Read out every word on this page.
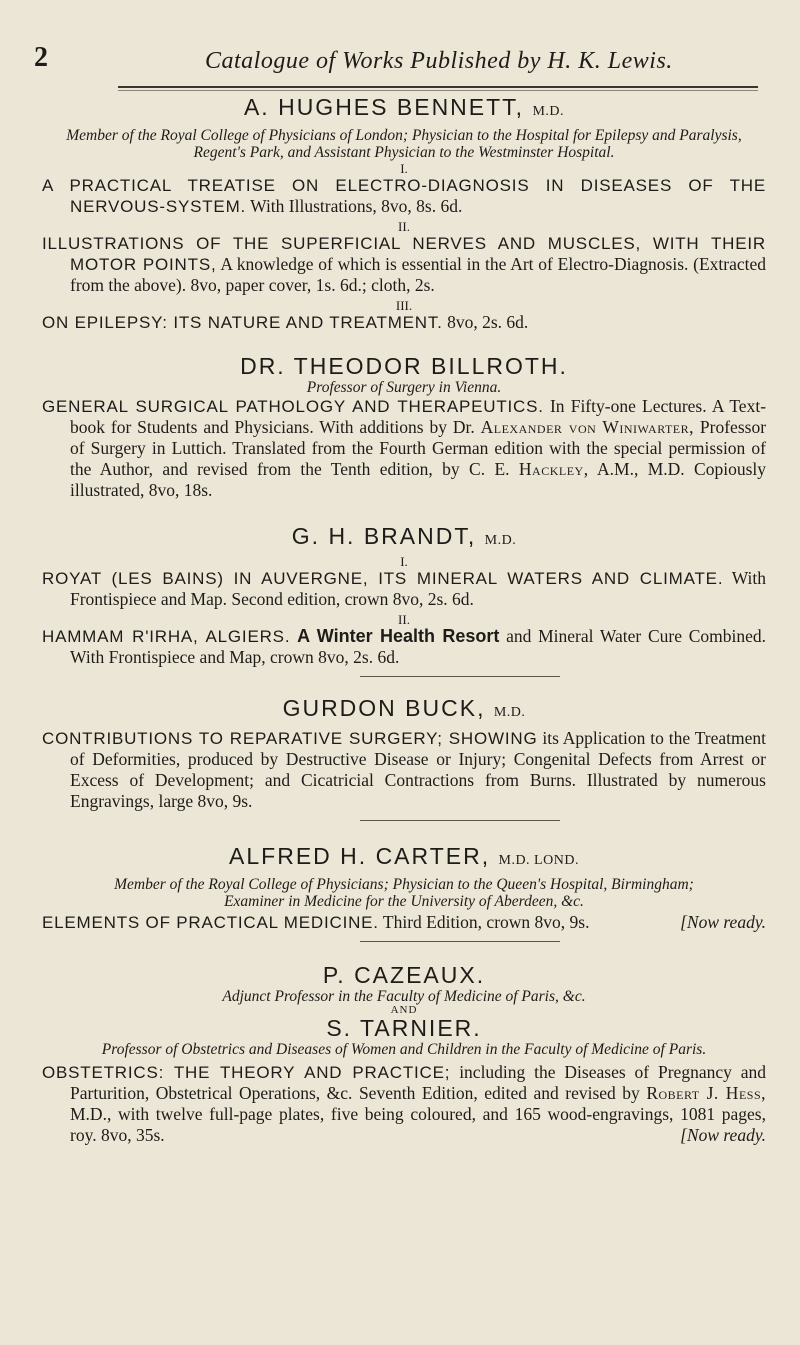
2	Catalogue of Works Published by H. K. Lewis.
A. HUGHES BENNETT, M.D.
Member of the Royal College of Physicians of London; Physician to the Hospital for Epilepsy and Paralysis, Regent's Park, and Assistant Physician to the Westminster Hospital.
I.
A PRACTICAL TREATISE ON ELECTRO-DIAGNOSIS IN DISEASES OF THE NERVOUS-SYSTEM. With Illustrations, 8vo, 8s. 6d.
II.
ILLUSTRATIONS OF THE SUPERFICIAL NERVES AND MUSCLES, WITH THEIR MOTOR POINTS, A knowledge of which is essential in the Art of Electro-Diagnosis. (Extracted from the above). 8vo, paper cover, 1s. 6d.; cloth, 2s.
III.
ON EPILEPSY: ITS NATURE AND TREATMENT. 8vo, 2s. 6d.
DR. THEODOR BILLROTH.
Professor of Surgery in Vienna.
GENERAL SURGICAL PATHOLOGY AND THERAPEUTICS. In Fifty-one Lectures. A Text-book for Students and Physicians. With additions by Dr. Alexander von Winiwarter, Professor of Surgery in Luttich. Translated from the Fourth German edition with the special permission of the Author, and revised from the Tenth edition, by C. E. Hackley, A.M., M.D. Copiously illustrated, 8vo, 18s.
G. H. BRANDT, M.D.
I.
ROYAT (LES BAINS) IN AUVERGNE, ITS MINERAL WATERS AND CLIMATE. With Frontispiece and Map. Second edition, crown 8vo, 2s. 6d.
II.
HAMMAM R'IRHA, ALGIERS. A Winter Health Resort and Mineral Water Cure Combined. With Frontispiece and Map, crown 8vo, 2s. 6d.
GURDON BUCK, M.D.
CONTRIBUTIONS TO REPARATIVE SURGERY; SHOWING its Application to the Treatment of Deformities, produced by Destructive Disease or Injury; Congenital Defects from Arrest or Excess of Development; and Cicatricial Contractions from Burns. Illustrated by numerous Engravings, large 8vo, 9s.
ALFRED H. CARTER, M.D. LOND.
Member of the Royal College of Physicians; Physician to the Queen's Hospital, Birmingham;
Examiner in Medicine for the University of Aberdeen, &c.
ELEMENTS OF PRACTICAL MEDICINE. Third Edition, crown 8vo, 9s.	[Now ready.
P. CAZEAUX.
Adjunct Professor in the Faculty of Medicine of Paris, &c.
AND
S. TARNIER.
Professor of Obstetrics and Diseases of Women and Children in the Faculty of Medicine of Paris.
OBSTETRICS: THE THEORY AND PRACTICE; including the Diseases of Pregnancy and Parturition, Obstetrical Operations, &c. Seventh Edition, edited and revised by Robert J. Hess, M.D., with twelve full-page plates, five being coloured, and 165 wood-engravings, 1081 pages, roy. 8vo, 35s.	[Now ready.
